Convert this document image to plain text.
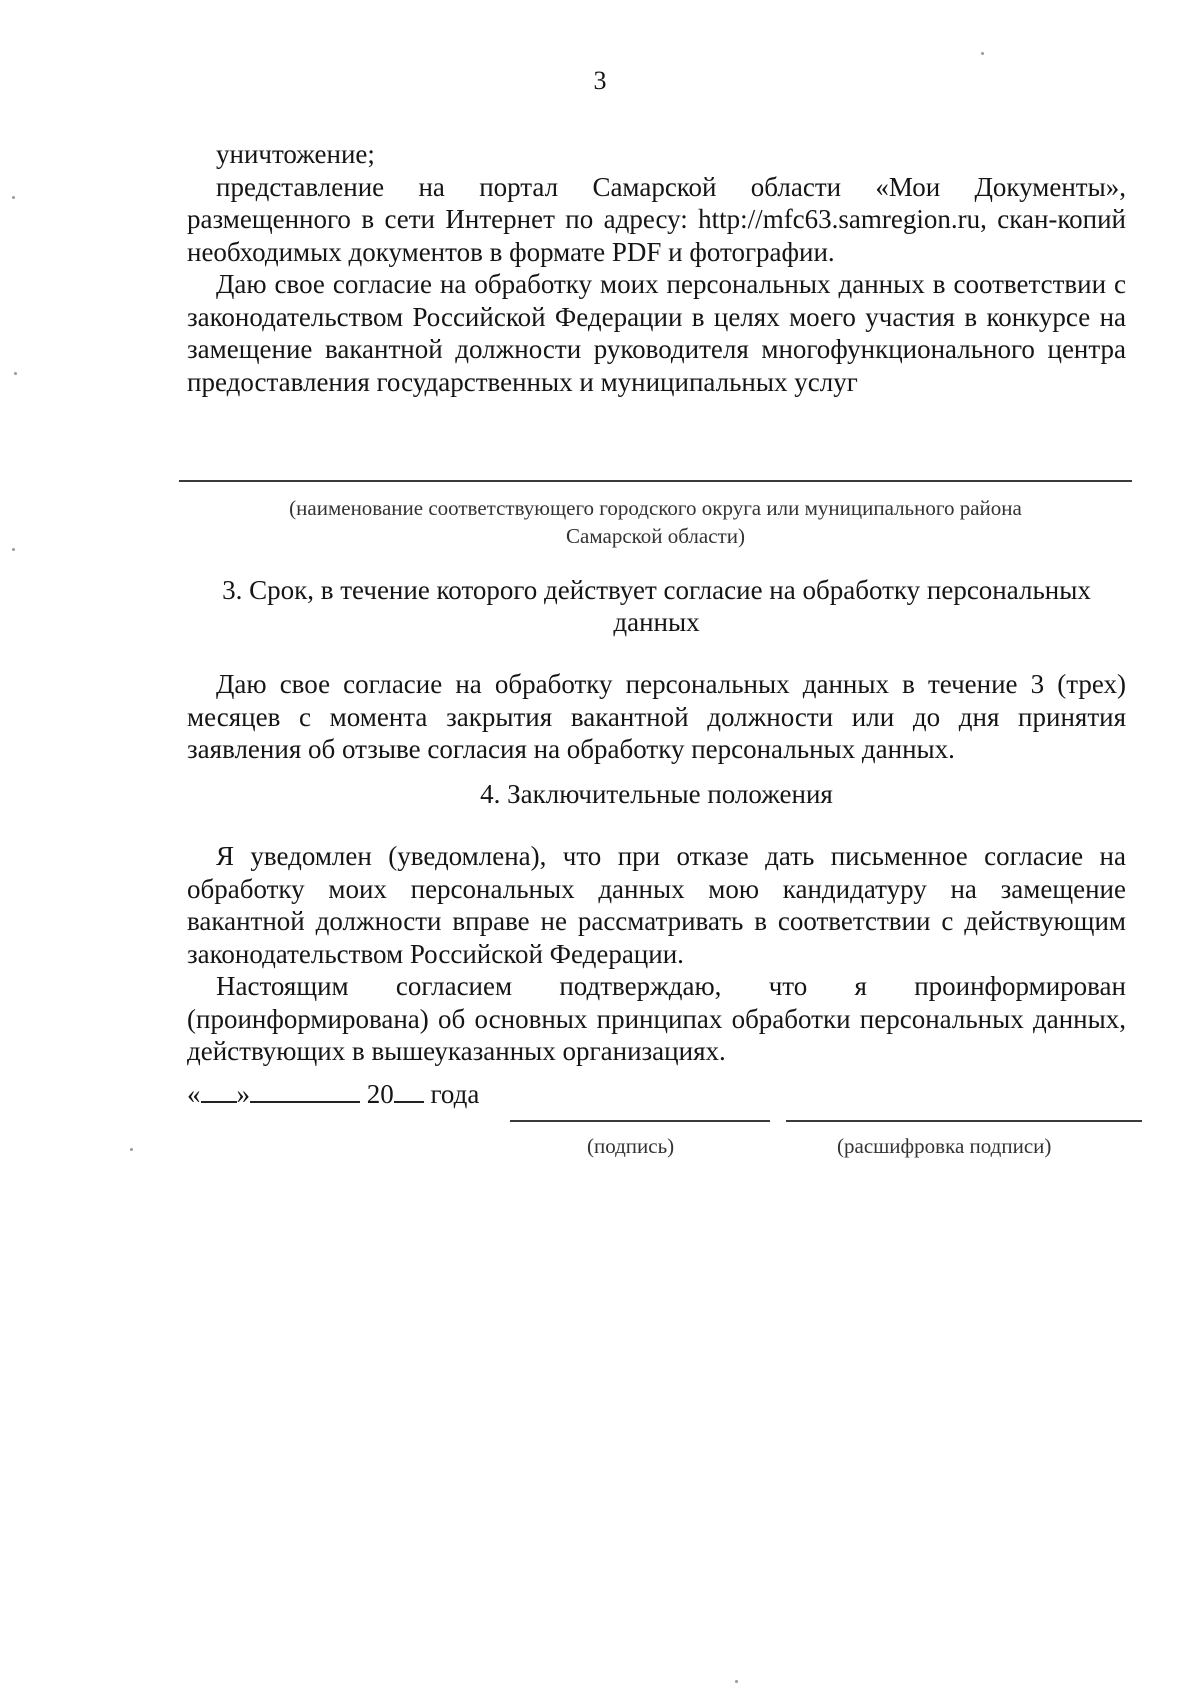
3

уничтожение;

представление на портал Самарской области «Мои Документы», размещенного в сети Интернет по адресу: http://mfc63.samregion.ru, скан-копий необходимых документов в формате PDF и фотографии.

Даю свое согласие на обработку моих персональных данных в соответствии с законодательством Российской Федерации в целях моего участия в конкурсе на замещение вакантной должности руководителя многофункционального центра предоставления государственных и муниципальных услуг

(наименование соответствующего городского округа или муниципального района
Самарской области)

3. Срок, в течение которого действует согласие на обработку персональных данных

Даю свое согласие на обработку персональных данных в течение 3 (трех) месяцев с момента закрытия вакантной должности или до дня принятия заявления об отзыве согласия на обработку персональных данных.

4. Заключительные положения

Я уведомлен (уведомлена), что при отказе дать письменное согласие на обработку моих персональных данных мою кандидатуру на замещение вакантной должности вправе не рассматривать в соответствии с действующим законодательством Российской Федерации.

Настоящим согласием подтверждаю, что я проинформирован (проинформирована) об основных принципах обработки персональных данных, действующих в вышеуказанных организациях.

« »	20 года
(подпись)	(расшифровка подписи)
